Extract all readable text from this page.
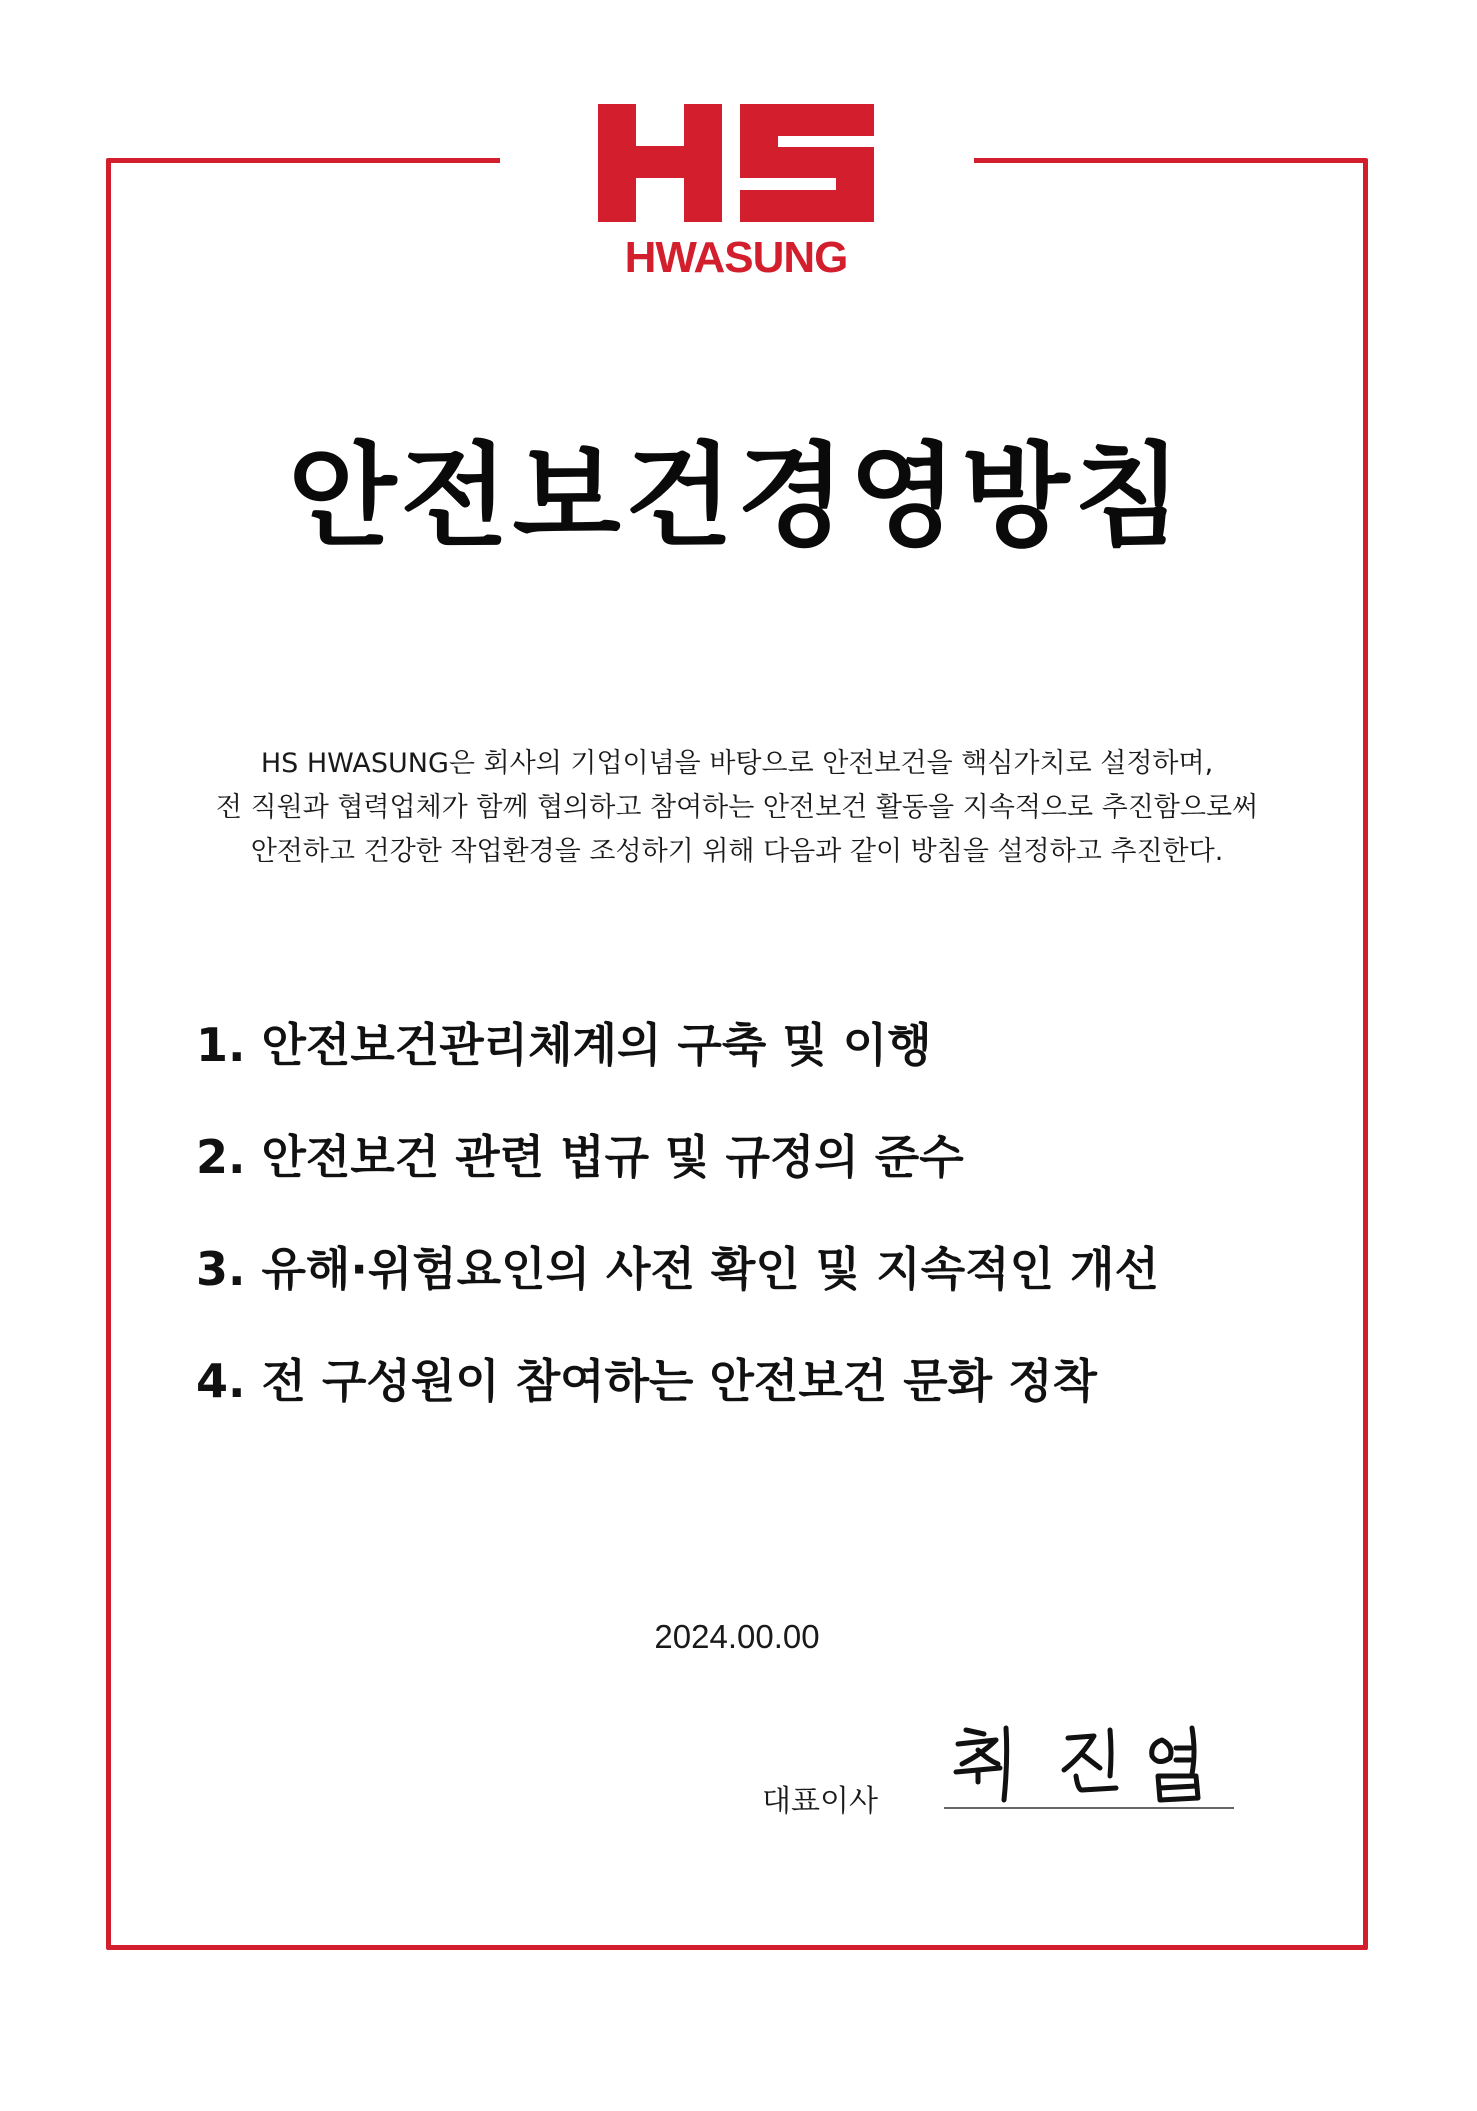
HWASUNG
안전보건경영방침

HS HWASUNG은 회사의 기업이념을 바탕으로 안전보건을 핵심가치로 설정하며,

전 직원과 협력업체가 함께 협의하고 참여하는 안전보건 활동을 지속적으로 추진함으로써

안전하고 건강한 작업환경을 조성하기 위해 다음과 같이 방침을 설정하고 추진한다.

1. 안전보건관리체계의 구축 및 이행
2. 안전보건 관련 법규 및 규정의 준수
3. 유해·위험요인의 사전 확인 및 지속적인 개선
4. 전 구성원이 참여하는 안전보건 문화 정착
2024.00.00
대표이사
